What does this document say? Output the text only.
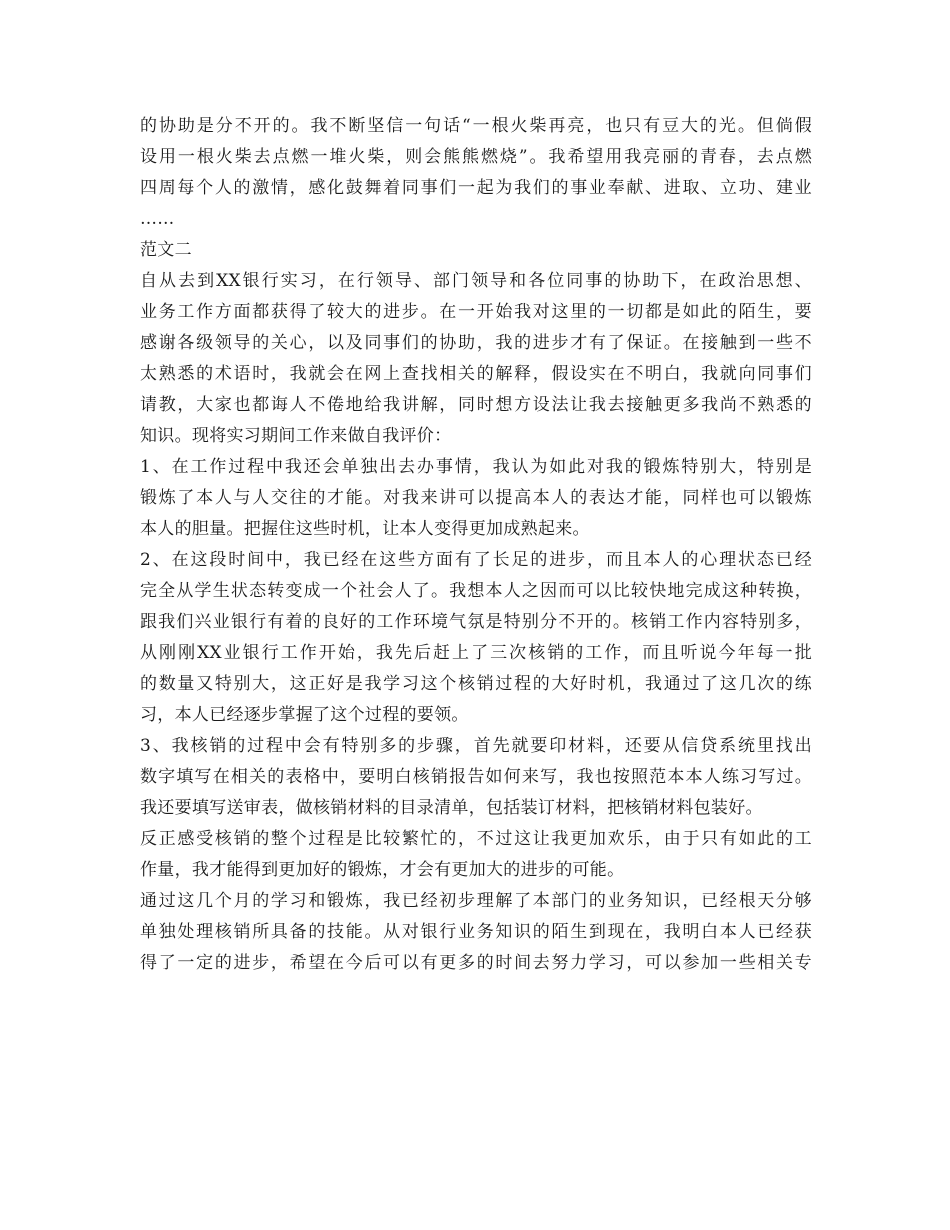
的协助是分不开的。我不断坚信一句话“一根火柴再亮，也只有豆大的光。但倘假
设用一根火柴去点燃一堆火柴，则会熊熊燃烧”。我希望用我亮丽的青春，去点燃
四周每个人的激情，感化鼓舞着同事们一起为我们的事业奉献、进取、立功、建业
……
范文二
自从去到XX银行实习，在行领导、部门领导和各位同事的协助下，在政治思想、
业务工作方面都获得了较大的进步。在一开始我对这里的一切都是如此的陌生，要
感谢各级领导的关心，以及同事们的协助，我的进步才有了保证。在接触到一些不
太熟悉的术语时，我就会在网上查找相关的解释，假设实在不明白，我就向同事们
请教，大家也都诲人不倦地给我讲解，同时想方设法让我去接触更多我尚不熟悉的
知识。现将实习期间工作来做自我评价：
1、在工作过程中我还会单独出去办事情，我认为如此对我的锻炼特别大，特别是
锻炼了本人与人交往的才能。对我来讲可以提高本人的表达才能，同样也可以锻炼
本人的胆量。把握住这些时机，让本人变得更加成熟起来。
2、在这段时间中，我已经在这些方面有了长足的进步，而且本人的心理状态已经
完全从学生状态转变成一个社会人了。我想本人之因而可以比较快地完成这种转换，
跟我们兴业银行有着的良好的工作环境气氛是特别分不开的。核销工作内容特别多，
从刚刚XX业银行工作开始，我先后赶上了三次核销的工作，而且听说今年每一批
的数量又特别大，这正好是我学习这个核销过程的大好时机，我通过了这几次的练
习，本人已经逐步掌握了这个过程的要领。
3、我核销的过程中会有特别多的步骤，首先就要印材料，还要从信贷系统里找出
数字填写在相关的表格中，要明白核销报告如何来写，我也按照范本本人练习写过。
我还要填写送审表，做核销材料的目录清单，包括装订材料，把核销材料包装好。
反正感受核销的整个过程是比较繁忙的，不过这让我更加欢乐，由于只有如此的工
作量，我才能得到更加好的锻炼，才会有更加大的进步的可能。
通过这几个月的学习和锻炼，我已经初步理解了本部门的业务知识，已经根天分够
单独处理核销所具备的技能。从对银行业务知识的陌生到现在，我明白本人已经获
得了一定的进步，希望在今后可以有更多的时间去努力学习，可以参加一些相关专
